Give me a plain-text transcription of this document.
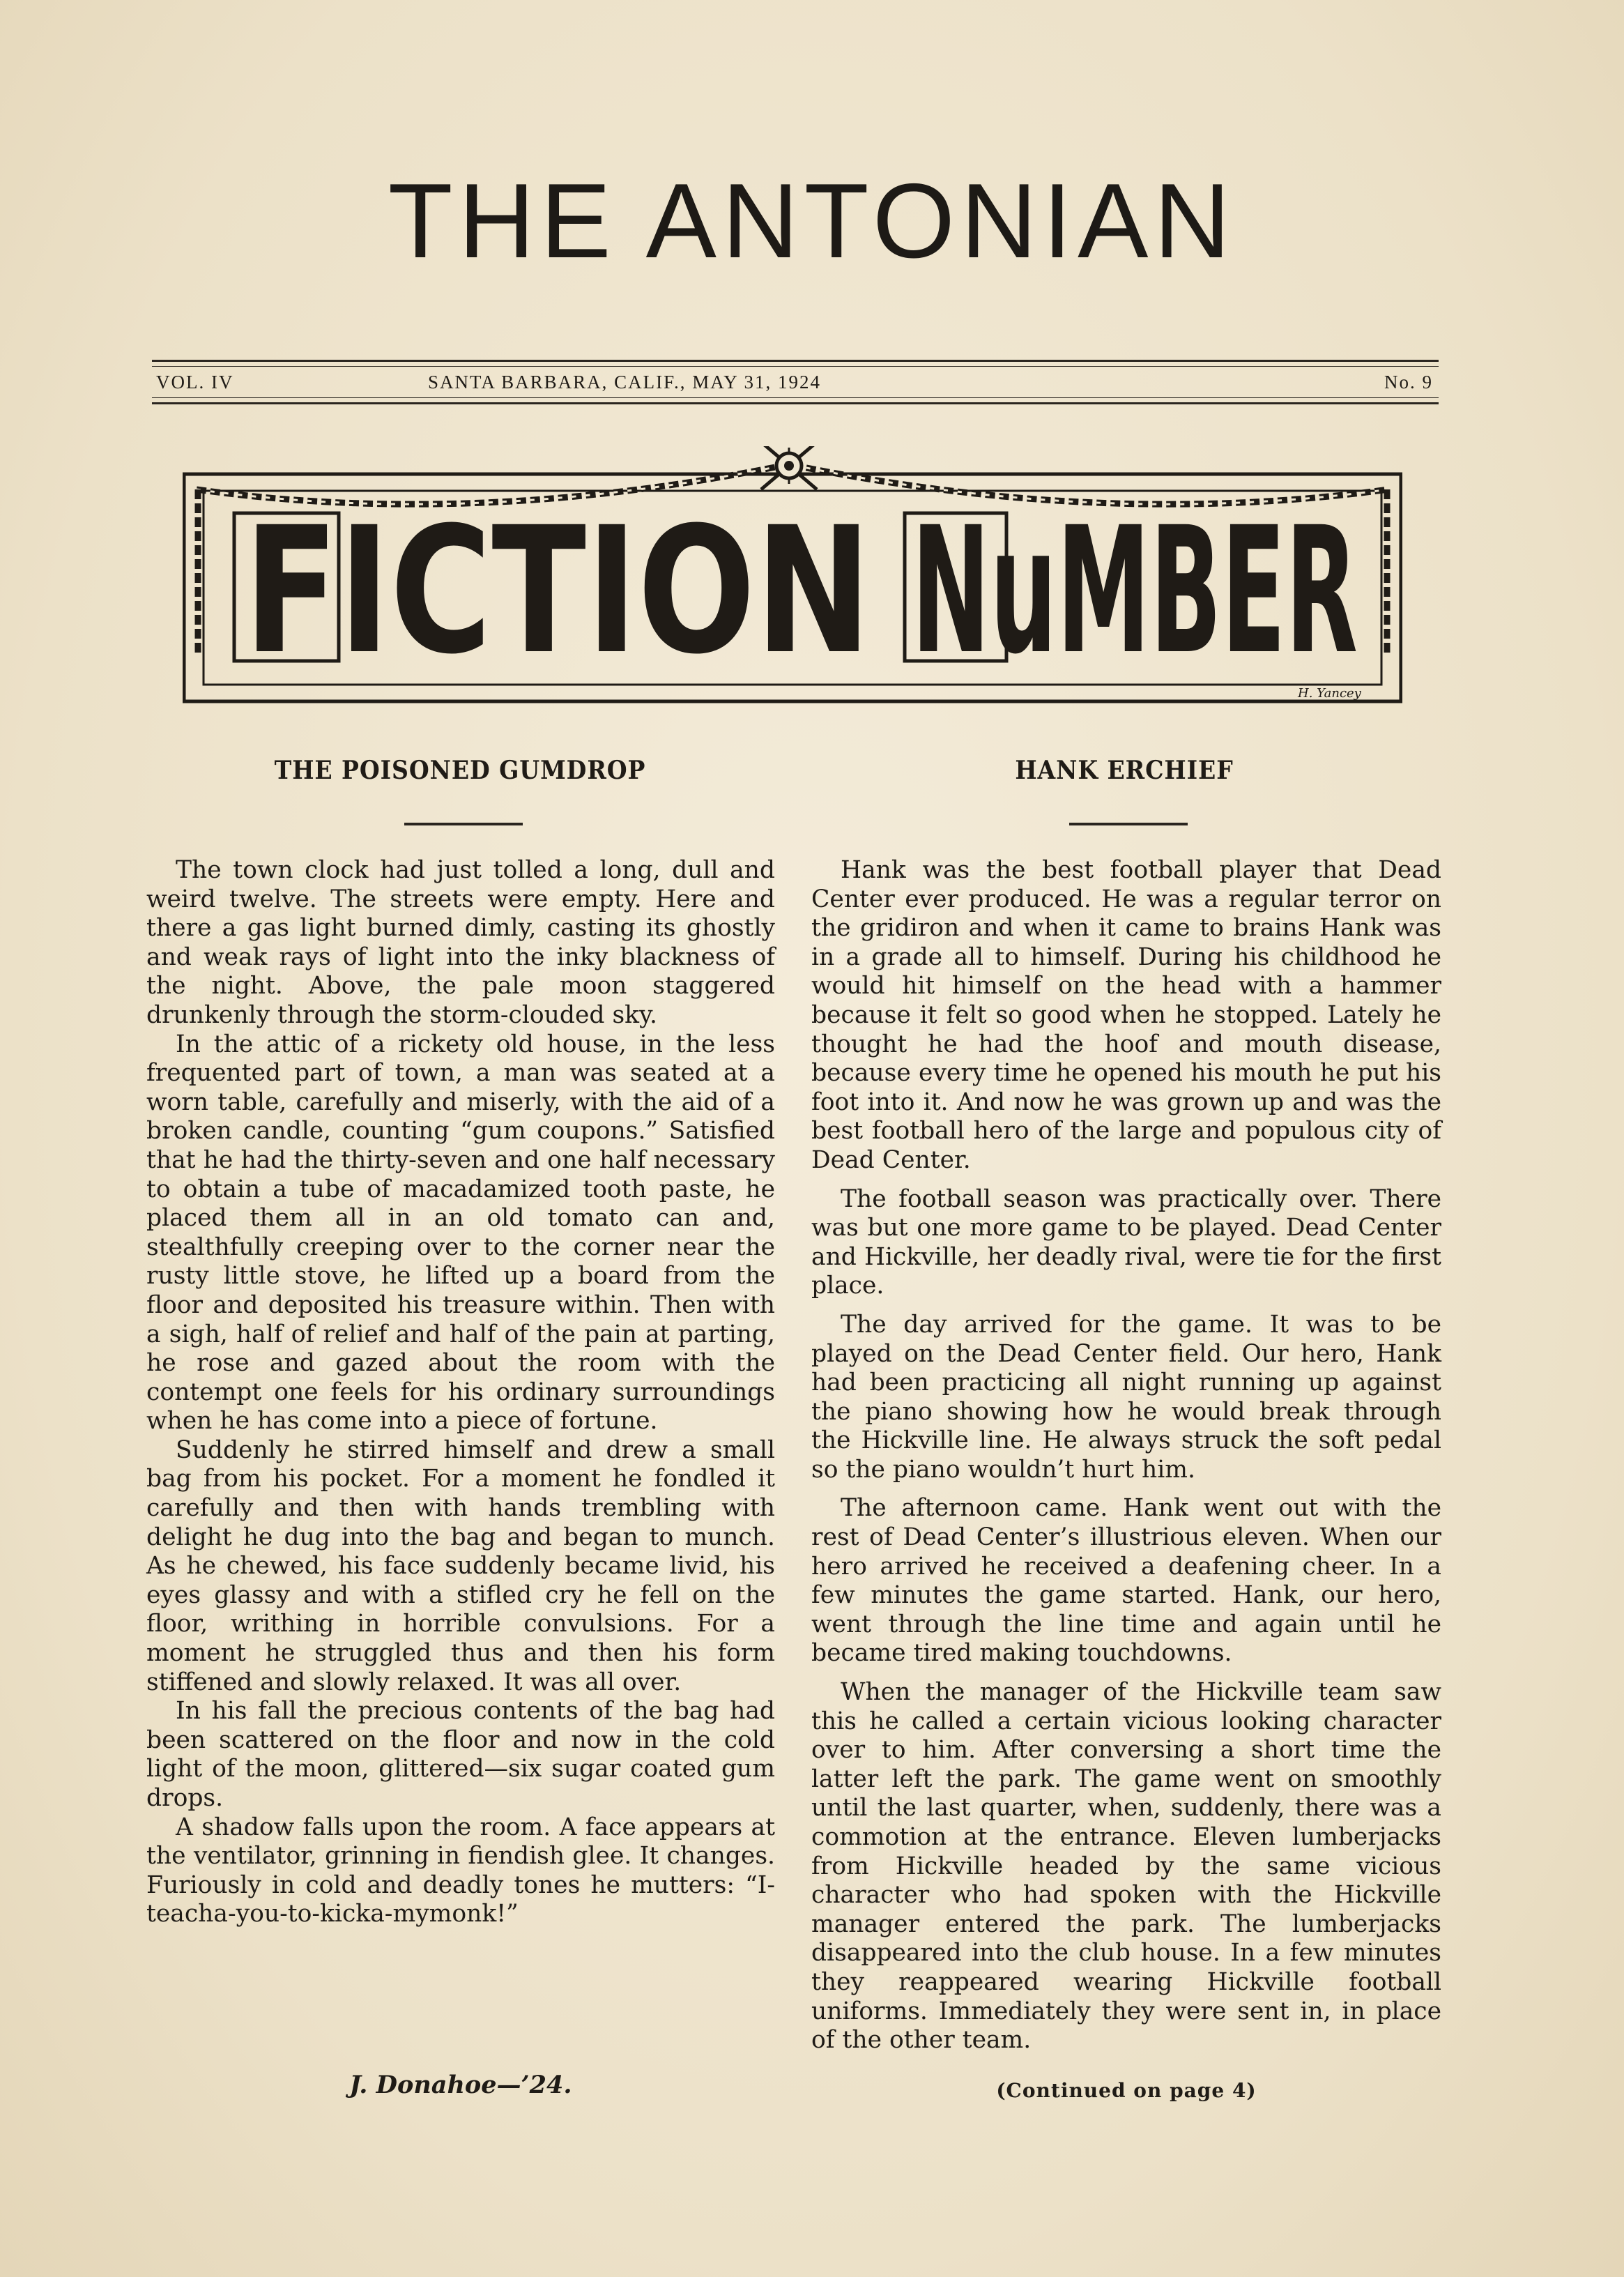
THE ANTONIAN
VOL. IV	SANTA BARBARA, CALIF., MAY 31, 1924	No. 9
FICTION NuMBER
H. Yancey
THE POISONED GUMDROP	HANK ERCHIEF

The town clock had just tolled a long, dull and weird twelve. The streets were empty. Here and there a gas light burned dimly, casting its ghostly and weak rays of light into the inky blackness of the night. Above, the pale moon staggered drunkenly through the storm-clouded sky.

In the attic of a rickety old house, in the less frequented part of town, a man was seated at a worn table, carefully and miserly, with the aid of a broken candle, counting “gum coupons.” Satisfied that he had the thirty-seven and one half necessary to obtain a tube of macadamized tooth paste, he placed them all in an old tomato can and, stealthfully creeping over to the corner near the rusty little stove, he lifted up a board from the floor and deposited his treasure within. Then with a sigh, half of relief and half of the pain at parting, he rose and gazed about the room with the contempt one feels for his ordinary surroundings when he has come into a piece of fortune.

Suddenly he stirred himself and drew a small bag from his pocket. For a moment he fondled it carefully and then with hands trembling with delight he dug into the bag and began to munch. As he chewed, his face suddenly became livid, his eyes glassy and with a stifled cry he fell on the floor, writhing in horrible convulsions. For a moment he struggled thus and then his form stiffened and slowly relaxed. It was all over.

In his fall the precious contents of the bag had been scattered on the floor and now in the cold light of the moon, glittered—six sugar coated gum drops.

A shadow falls upon the room. A face appears at the ventilator, grinning in fiendish glee. It changes. Furiously in cold and deadly tones he mutters: “I-teacha-you-to-kicka-mymonk!”

J. Donahoe—’24.

Hank was the best football player that Dead Center ever produced. He was a regular terror on the gridiron and when it came to brains Hank was in a grade all to himself. During his childhood he would hit himself on the head with a hammer because it felt so good when he stopped. Lately he thought he had the hoof and mouth disease, because every time he opened his mouth he put his foot into it. And now he was grown up and was the best football hero of the large and populous city of Dead Center.

The football season was practically over. There was but one more game to be played. Dead Center and Hickville, her deadly rival, were tie for the first place.

The day arrived for the game. It was to be played on the Dead Center field. Our hero, Hank had been practicing all night running up against the piano showing how he would break through the Hickville line. He always struck the soft pedal so the piano wouldn’t hurt him.

The afternoon came. Hank went out with the rest of Dead Center’s illustrious eleven. When our hero arrived he received a deafening cheer. In a few minutes the game started. Hank, our hero, went through the line time and again until he became tired making touchdowns.

When the manager of the Hickville team saw this he called a certain vicious looking character over to him. After conversing a short time the latter left the park. The game went on smoothly until the last quarter, when, suddenly, there was a commotion at the entrance. Eleven lumberjacks from Hickville headed by the same vicious character who had spoken with the Hickville manager entered the park. The lumberjacks disappeared into the club house. In a few minutes they reappeared wearing Hickville football uniforms. Immediately they were sent in, in place of the other team.

(Continued on page 4)
